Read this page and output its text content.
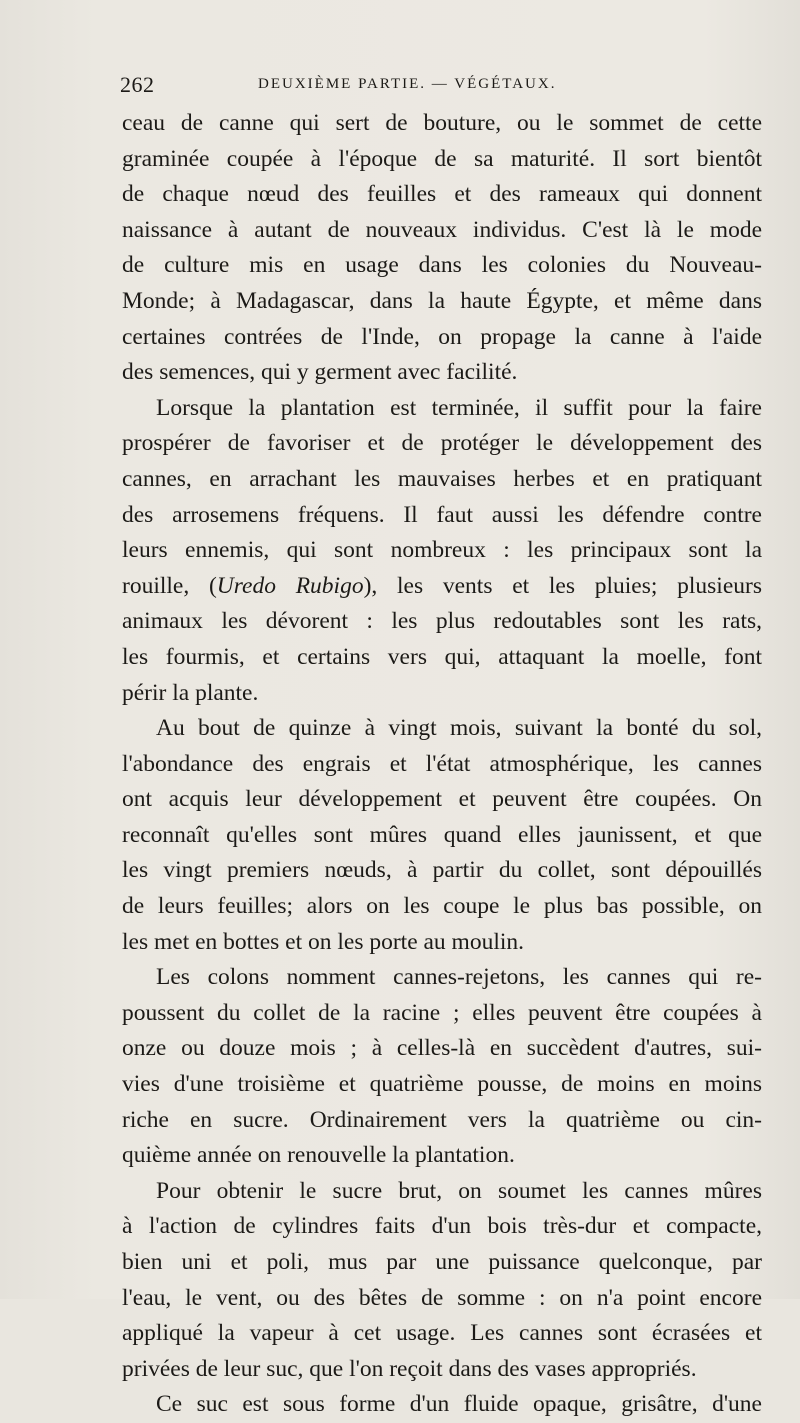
262	DEUXIÈME PARTIE. — VÉGÉTAUX.
ceau de canne qui sert de bouture, ou le sommet de cette
graminée coupée à l'époque de sa maturité. Il sort bientôt
de chaque nœud des feuilles et des rameaux qui donnent
naissance à autant de nouveaux individus. C'est là le mode
de culture mis en usage dans les colonies du Nouveau-
Monde; à Madagascar, dans la haute Égypte, et même dans
certaines contrées de l'Inde, on propage la canne à l'aide
des semences, qui y germent avec facilité.
Lorsque la plantation est terminée, il suffit pour la faire
prospérer de favoriser et de protéger le développement des
cannes, en arrachant les mauvaises herbes et en pratiquant
des arrosemens fréquens. Il faut aussi les défendre contre
leurs ennemis, qui sont nombreux : les principaux sont la
rouille, (Uredo Rubigo), les vents et les pluies; plusieurs
animaux les dévorent : les plus redoutables sont les rats,
les fourmis, et certains vers qui, attaquant la moelle, font
périr la plante.
Au bout de quinze à vingt mois, suivant la bonté du sol,
l'abondance des engrais et l'état atmosphérique, les cannes
ont acquis leur développement et peuvent être coupées. On
reconnaît qu'elles sont mûres quand elles jaunissent, et que
les vingt premiers nœuds, à partir du collet, sont dépouillés
de leurs feuilles; alors on les coupe le plus bas possible, on
les met en bottes et on les porte au moulin.
Les colons nomment cannes-rejetons, les cannes qui re-
poussent du collet de la racine ; elles peuvent être coupées à
onze ou douze mois ; à celles-là en succèdent d'autres, sui-
vies d'une troisième et quatrième pousse, de moins en moins
riche en sucre. Ordinairement vers la quatrième ou cin-
quième année on renouvelle la plantation.
Pour obtenir le sucre brut, on soumet les cannes mûres
à l'action de cylindres faits d'un bois très-dur et compacte,
bien uni et poli, mus par une puissance quelconque, par
l'eau, le vent, ou des bêtes de somme : on n'a point encore
appliqué la vapeur à cet usage. Les cannes sont écrasées et
privées de leur suc, que l'on reçoit dans des vases appropriés.
Ce suc est sous forme d'un fluide opaque, grisâtre, d'une
